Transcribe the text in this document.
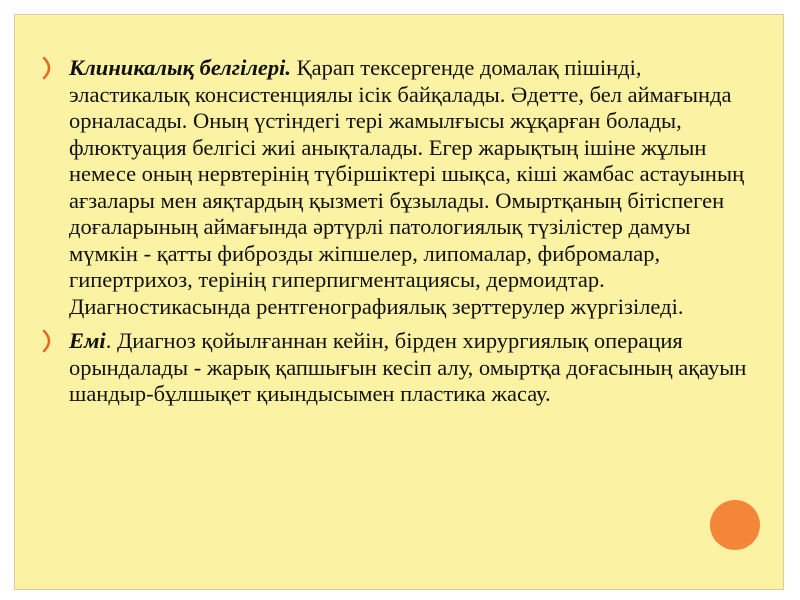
Клиникалық белгілері. Қарап тексергенде домалақ пішінді, эластикалық консистенциялы ісік байқалады. Әдетте, бел аймағында орналасады. Оның үстіндегі тері жамылғысы жұқарған болады, флюктуация белгісі жиі анықталады. Егер жарықтың ішіне жұлын немесе оның нервтерінің түбіршіктері шықса, кіші жамбас астауының ағзалары мен аяқтардың қызметі бұзылады. Омыртқаның бітіспеген доғаларының аймағында әртүрлі патологиялық түзілістер дамуы мүмкін - қатты фиброзды жіпшелер, липомалар, фибромалар, гипертрихоз, терінің гиперпигментациясы, дермоидтар. Диагностикасында рентгенографиялық зерттерулер жүргізіледі.
Емі. Диагноз қойылғаннан кейін, бірден хирургиялық операция орындалады - жарық қапшығын кесіп алу, омыртқа доғасының ақауын шандыр-бұлшықет қиындысымен пластика жасау.
